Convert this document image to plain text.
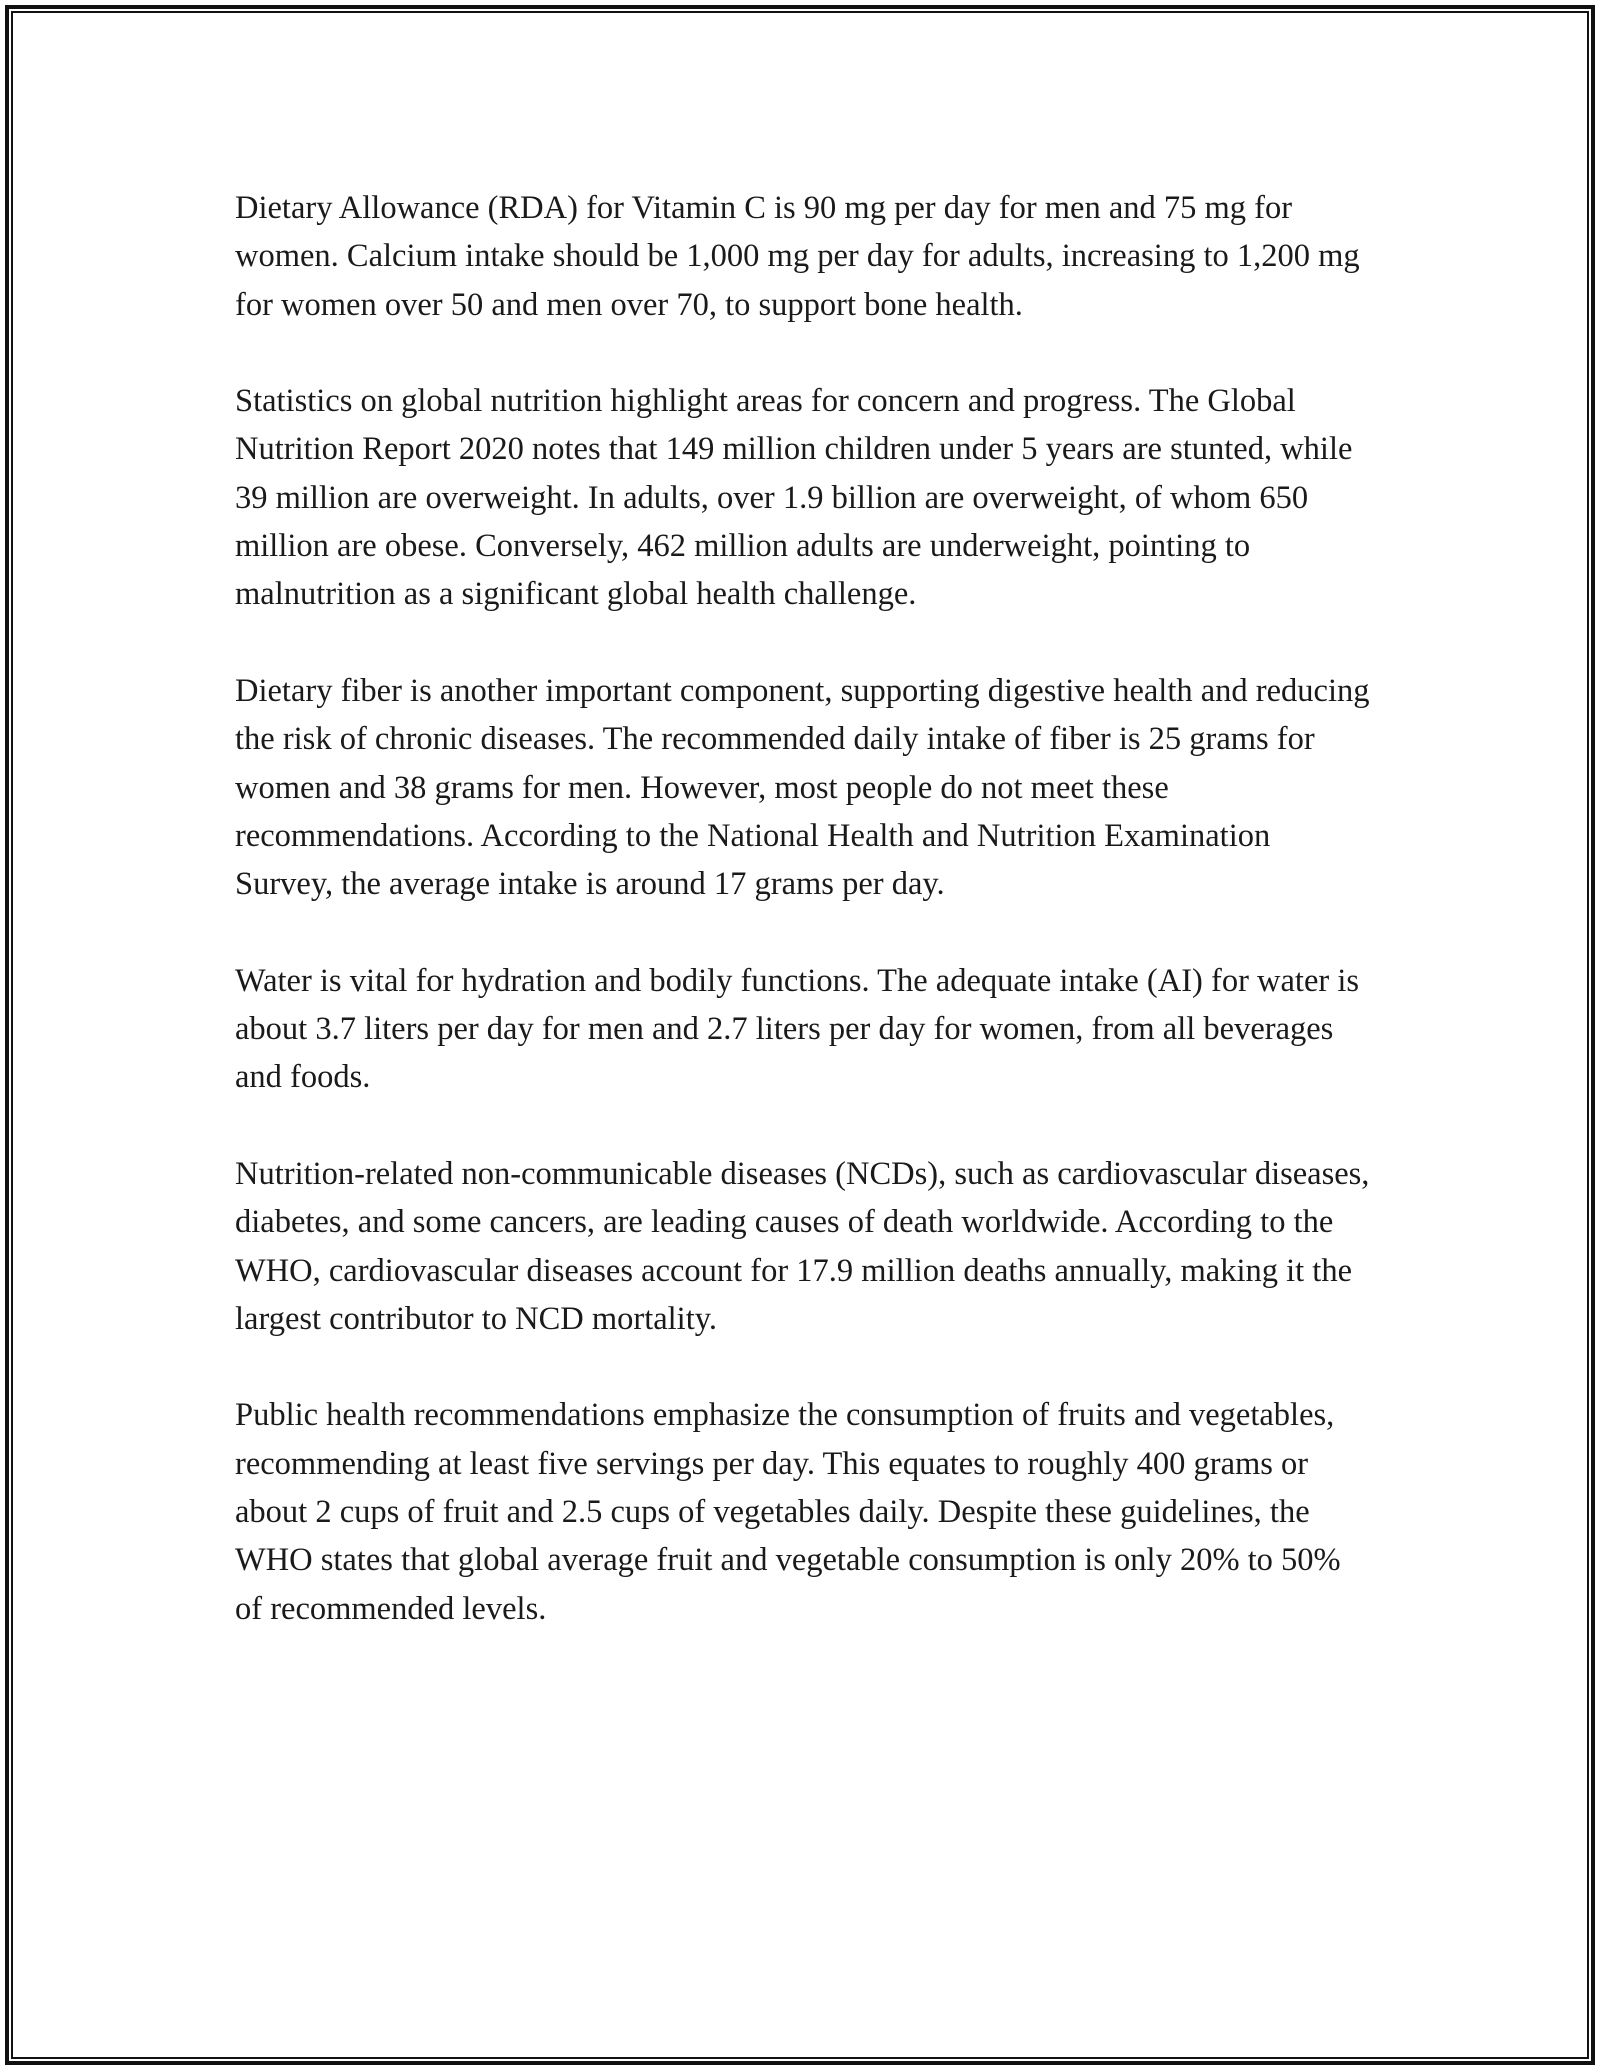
Dietary Allowance (RDA) for Vitamin C is 90 mg per day for men and 75 mg for women. Calcium intake should be 1,000 mg per day for adults, increasing to 1,200 mg for women over 50 and men over 70, to support bone health.

Statistics on global nutrition highlight areas for concern and progress. The Global Nutrition Report 2020 notes that 149 million children under 5 years are stunted, while 39 million are overweight. In adults, over 1.9 billion are overweight, of whom 650 million are obese. Conversely, 462 million adults are underweight, pointing to malnutrition as a significant global health challenge.

Dietary fiber is another important component, supporting digestive health and reducing the risk of chronic diseases. The recommended daily intake of fiber is 25 grams for women and 38 grams for men. However, most people do not meet these recommendations. According to the National Health and Nutrition Examination Survey, the average intake is around 17 grams per day.

Water is vital for hydration and bodily functions. The adequate intake (AI) for water is about 3.7 liters per day for men and 2.7 liters per day for women, from all beverages and foods.

Nutrition-related non-communicable diseases (NCDs), such as cardiovascular diseases, diabetes, and some cancers, are leading causes of death worldwide. According to the WHO, cardiovascular diseases account for 17.9 million deaths annually, making it the largest contributor to NCD mortality.

Public health recommendations emphasize the consumption of fruits and vegetables, recommending at least five servings per day. This equates to roughly 400 grams or about 2 cups of fruit and 2.5 cups of vegetables daily. Despite these guidelines, the WHO states that global average fruit and vegetable consumption is only 20% to 50% of recommended levels.
